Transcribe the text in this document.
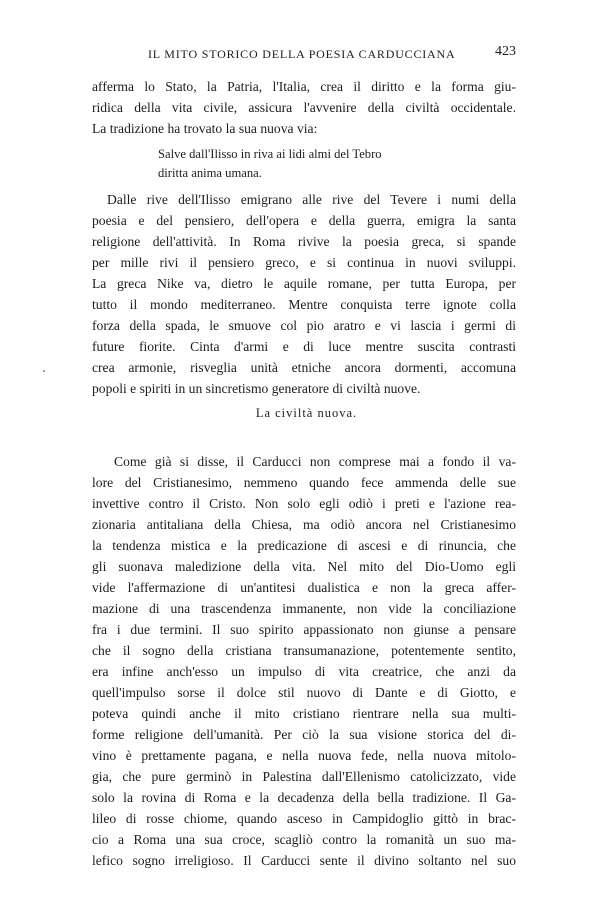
IL MITO STORICO DELLA POESIA CARDUCCIANA	423
afferma lo Stato, la Patria, l'Italia, crea il diritto e la forma giu-
ridica della vita civile, assicura l'avvenire della civiltà occidentale.
La tradizione ha trovato la sua nuova via:
Salve dall'Ilisso in riva ai lidi almi del Tebro
diritta anima umana.
Dalle rive dell'Ilisso emigrano alle rive del Tevere i numi della
poesia e del pensiero, dell'opera e della guerra, emigra la santa
religione dell'attività. In Roma rivive la poesia greca, si spande
per mille rivi il pensiero greco, e si continua in nuovi sviluppi.
La greca Nike va, dietro le aquile romane, per tutta Europa, per
tutto il mondo mediterraneo. Mentre conquista terre ignote colla
forza della spada, le smuove col pio aratro e vi lascia i germi di
future fiorite. Cinta d'armi e di luce mentre suscita contrasti
crea armonie, risveglia unità etniche ancora dormenti, accomuna
popoli e spiriti in un sincretismo generatore di civiltà nuove.
La civiltà nuova.
Come già si disse, il Carducci non comprese mai a fondo il va-
lore del Cristianesimo, nemmeno quando fece ammenda delle sue
invettive contro il Cristo. Non solo egli odiò i preti e l'azione rea-
zionaria antitaliana della Chiesa, ma odiò ancora nel Cristianesimo
la tendenza mistica e la predicazione di ascesi e di rinuncia, che
gli suonava maledizione della vita. Nel mito del Dio-Uomo egli
vide l'affermazione di un'antitesi dualistica e non la greca affer-
mazione di una trascendenza immanente, non vide la conciliazione
fra i due termini. Il suo spirito appassionato non giunse a pensare
che il sogno della cristiana transumanazione, potentemente sentito,
era infine anch'esso un impulso di vita creatrice, che anzi da
quell'impulso sorse il dolce stil nuovo di Dante e di Giotto, e
poteva quindi anche il mito cristiano rientrare nella sua multi-
forme religione dell'umanità. Per ciò la sua visione storica del di-
vino è prettamente pagana, e nella nuova fede, nella nuova mitolo-
gia, che pure germinò in Palestina dall'Ellenismo catolicizzato, vide
solo la rovina di Roma e la decadenza della bella tradizione. Il Ga-
lileo di rosse chiome, quando asceso in Campidoglio gittò in brac-
cio a Roma una sua croce, scagliò contro la romanità un suo ma-
lefico sogno irreligioso. Il Carducci sente il divino soltanto nel suo
